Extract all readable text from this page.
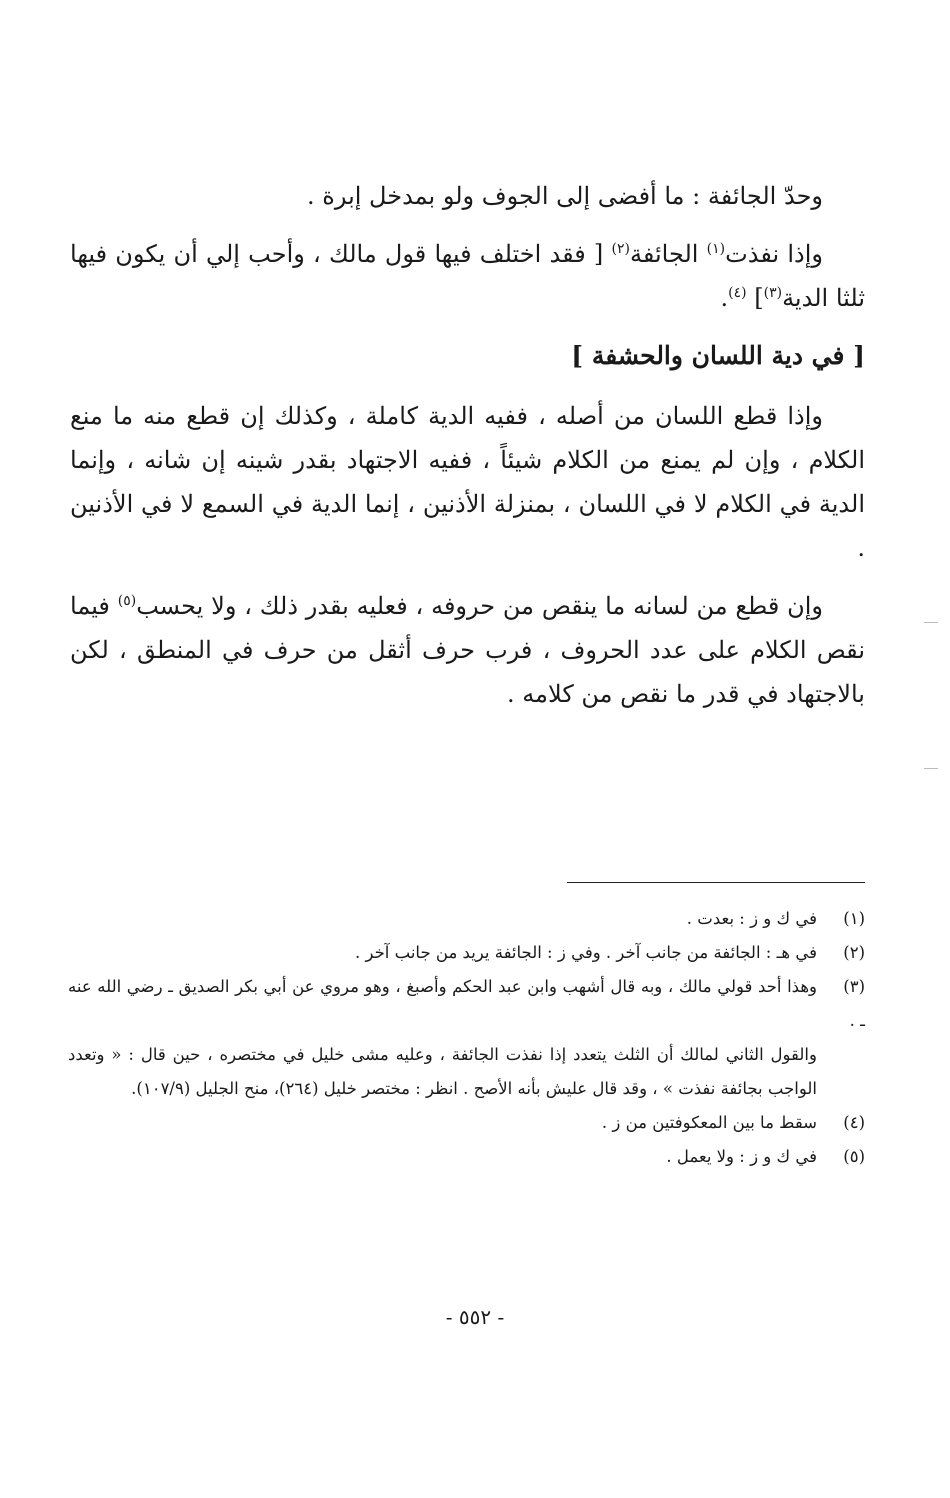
وحدّ الجائفة : ما أفضى إلى الجوف ولو بمدخل إبرة .

وإذا نفذت$^{(١)}$ الجائفة$^{(٢)}$ [ فقد اختلف فيها قول مالك ، وأحب إلي أن يكون فيها ثلثا الدية$^{(٣)}$] $^{(٤)}$.

[ في دية اللسان والحشفة ]

وإذا قطع اللسان من أصله ، ففيه الدية كاملة ، وكذلك إن قطع منه ما منع الكلام ، وإن لم يمنع من الكلام شيئاً ، ففيه الاجتهاد بقدر شينه إن شانه ، وإنما الدية في الكلام لا في اللسان ، بمنزلة الأذنين ، إنما الدية في السمع لا في الأذنين .

وإن قطع من لسانه ما ينقص من حروفه ، فعليه بقدر ذلك ، ولا يحسب$^{(٥)}$ فيما نقص الكلام على عدد الحروف ، فرب حرف أثقل من حرف في المنطق ، لكن بالاجتهاد في قدر ما نقص من كلامه .

(١)في ك و ز : بعدت .

(٢)في هـ : الجائفة من جانب آخر . وفي ز : الجائفة يريد من جانب آخر .

(٣)وهذا أحد قولي مالك ، وبه قال أشهب وابن عبد الحكم وأصبغ ، وهو مروي عن أبي بكر الصديق ـ رضي الله عنه ـ .

والقول الثاني لمالك أن الثلث يتعدد إذا نفذت الجائفة ، وعليه مشى خليل في مختصره ، حين قال : « وتعدد الواجب بجائفة نفذت » ، وقد قال عليش بأنه الأصح . انظر : مختصر خليل (٢٦٤)، منح الجليل (١٠٧/٩).

(٤)سقط ما بين المعكوفتين من ز .

(٥)في ك و ز : ولا يعمل .

- ٥٥٢ -
